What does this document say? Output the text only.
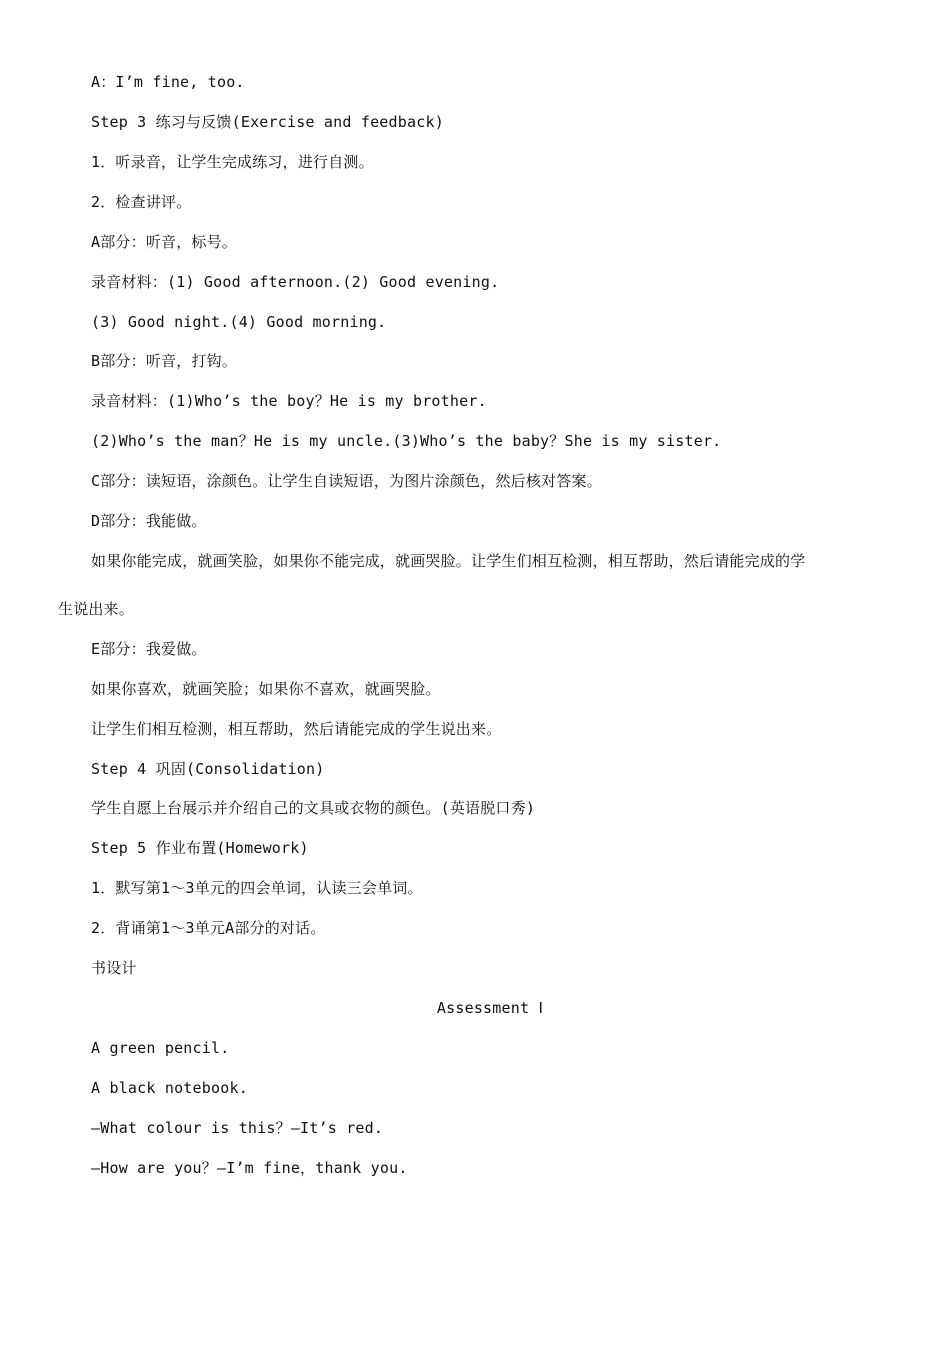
A：I’m fine, too.
Step 3 练习与反馈(Exercise and feedback)
1．听录音，让学生完成练习，进行自测。
2．检查讲评。
A部分：听音，标号。
录音材料：(1) Good afternoon.(2) Good evening.
(3) Good night.(4) Good morning.
B部分：听音，打钩。
录音材料：(1)Who’s the boy？He is my brother.
(2)Who’s the man？He is my uncle.(3)Who’s the baby？She is my sister.
C部分：读短语，涂颜色。让学生自读短语，为图片涂颜色，然后核对答案。
D部分：我能做。
如果你能完成，就画笑脸，如果你不能完成，就画哭脸。让学生们相互检测，相互帮助，然后请能完成的学
生说出来。
E部分：我爱做。
如果你喜欢，就画笑脸；如果你不喜欢，就画哭脸。
让学生们相互检测，相互帮助，然后请能完成的学生说出来。
Step 4 巩固(Consolidation)
学生自愿上台展示并介绍自己的文具或衣物的颜色。(英语脱口秀)
Step 5 作业布置(Homework)
1．默写第1～3单元的四会单词，认读三会单词。
2．背诵第1～3单元A部分的对话。
书设计
Assessment Ⅰ
A green pencil.
A black notebook.
—What colour is this？—It’s red.
—How are you？—I’m fine，thank you.
